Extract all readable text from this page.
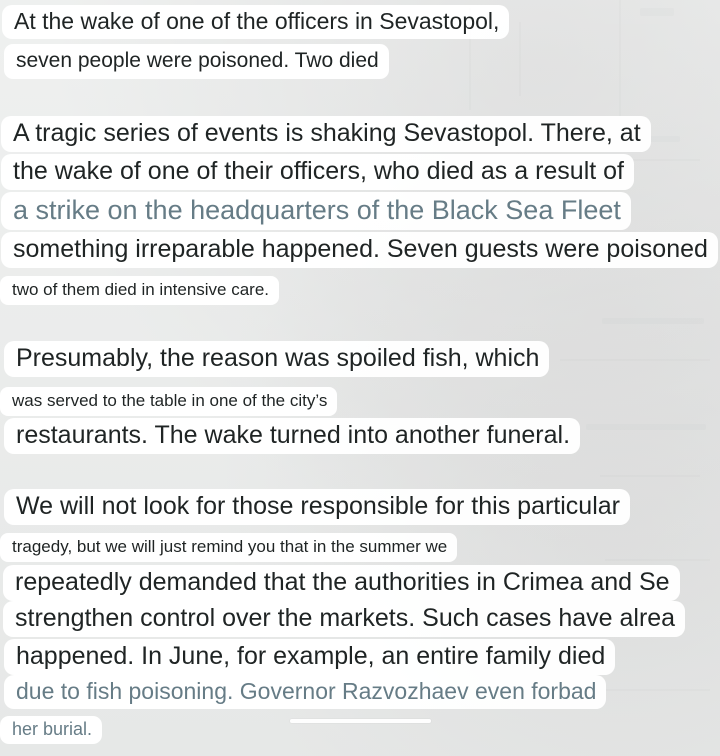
At the wake of one of the officers in Sevastopol,
seven people were poisoned. Two died
A tragic series of events is shaking Sevastopol. There, at
the wake of one of their officers, who died as a result of
a strike on the headquarters of the Black Sea Fleet
something irreparable happened. Seven guests were poisoned
two of them died in intensive care.
Presumably, the reason was spoiled fish, which
was served to the table in one of the city’s
restaurants. The wake turned into another funeral.
We will not look for those responsible for this particular
tragedy, but we will just remind you that in the summer we
repeatedly demanded that the authorities in Crimea and Se
strengthen control over the markets. Such cases have alrea
happened. In June, for example, an entire family died
due to fish poisoning. Governor Razvozhaev even forbad
her burial.
